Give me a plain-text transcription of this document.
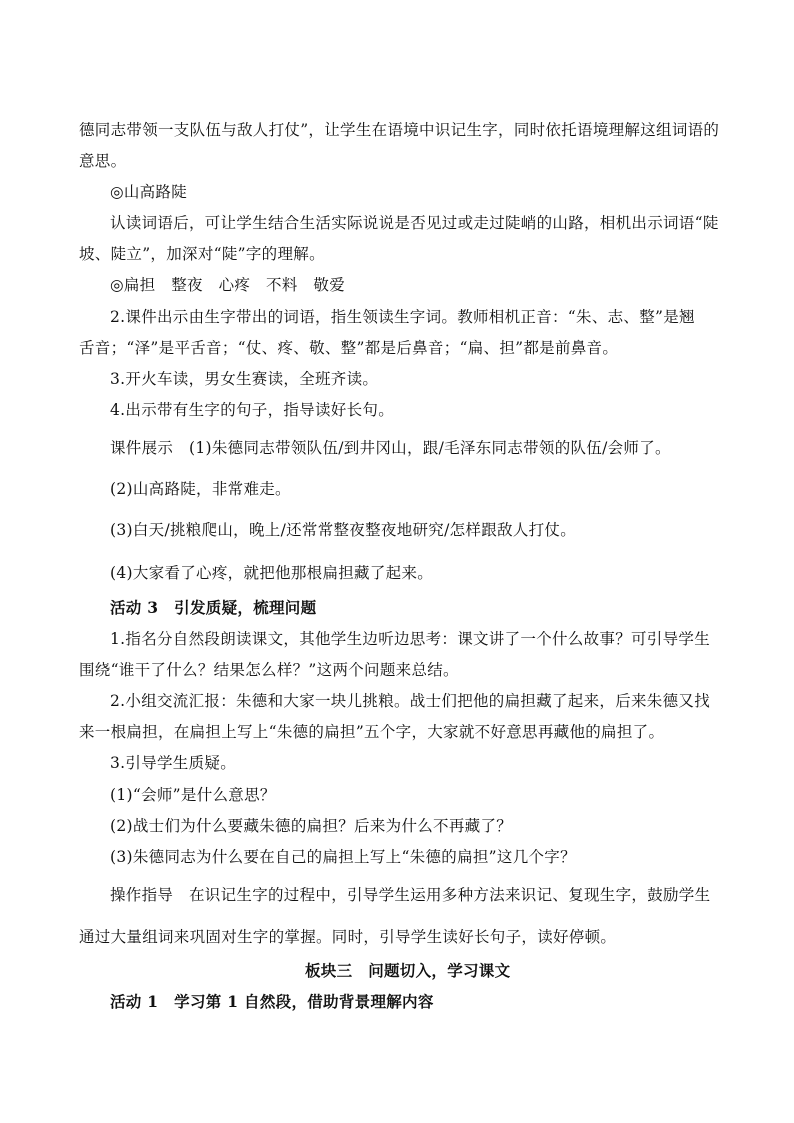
德同志带领一支队伍与敌人打仗”，让学生在语境中识记生字，同时依托语境理解这组词语的
意思。
◎山高路陡
认读词语后，可让学生结合生活实际说说是否见过或走过陡峭的山路，相机出示词语“陡
坡、陡立”，加深对“陡”字的理解。
◎扁担　整夜　心疼　不料　敬爱
2.课件出示由生字带出的词语，指生领读生字词。教师相机正音：“朱、志、整”是翘
舌音；“泽”是平舌音；“仗、疼、敬、整”都是后鼻音；“扁、担”都是前鼻音。
3.开火车读，男女生赛读，全班齐读。
4.出示带有生字的句子，指导读好长句。
课件展示　(1)朱德同志带领队伍/到井冈山，跟/毛泽东同志带领的队伍/会师了。
(2)山高路陡，非常难走。
(3)白天/挑粮爬山，晚上/还常常整夜整夜地研究/怎样跟敌人打仗。
(4)大家看了心疼，就把他那根扁担藏了起来。
活动 3　引发质疑，梳理问题
1.指名分自然段朗读课文，其他学生边听边思考：课文讲了一个什么故事？可引导学生
围绕“谁干了什么？结果怎么样？”这两个问题来总结。
2.小组交流汇报：朱德和大家一块儿挑粮。战士们把他的扁担藏了起来，后来朱德又找
来一根扁担，在扁担上写上“朱德的扁担”五个字，大家就不好意思再藏他的扁担了。
3.引导学生质疑。
(1)“会师”是什么意思？
(2)战士们为什么要藏朱德的扁担？后来为什么不再藏了？
(3)朱德同志为什么要在自己的扁担上写上“朱德的扁担”这几个字？
操作指导　在识记生字的过程中，引导学生运用多种方法来识记、复现生字，鼓励学生
通过大量组词来巩固对生字的掌握。同时，引导学生读好长句子，读好停顿。
板块三　问题切入，学习课文
活动 1　学习第 1 自然段，借助背景理解内容
